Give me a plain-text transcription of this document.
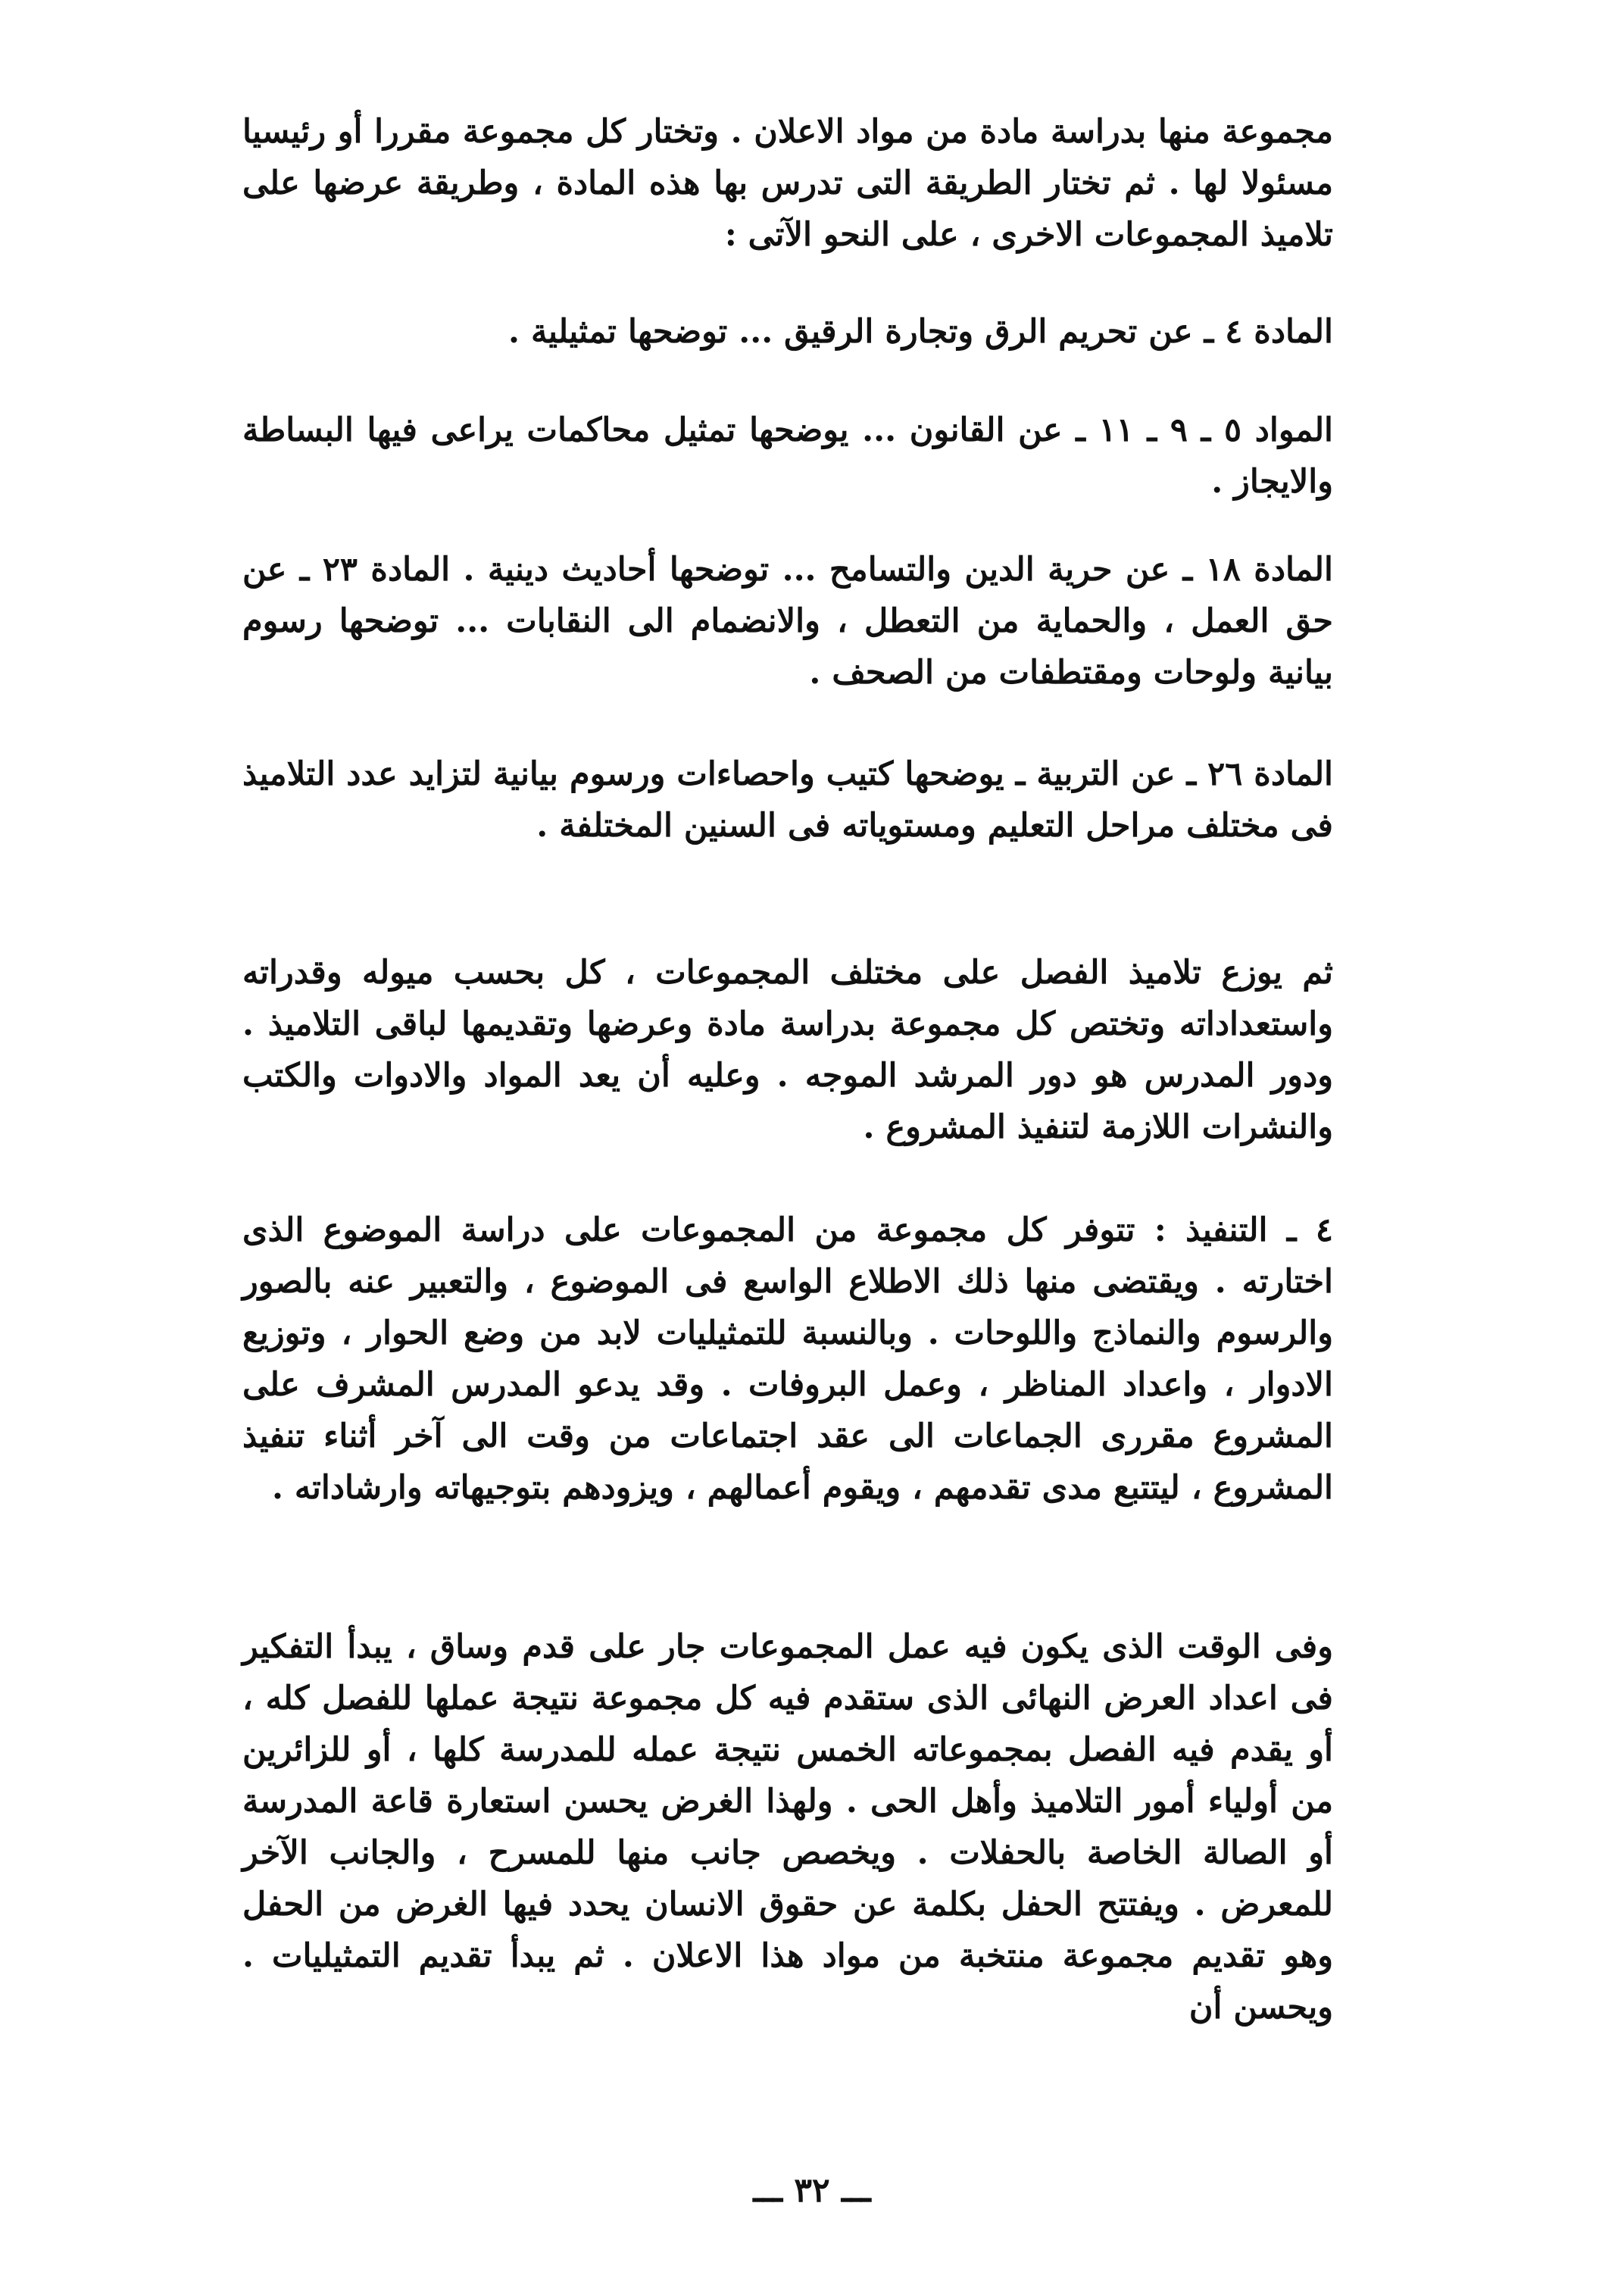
مجموعة منها بدراسة مادة من مواد الاعلان . وتختار كل مجموعة مقررا أو رئيسيا مسئولا لها . ثم تختار الطريقة التى تدرس بها هذه المادة ، وطريقة عرضها على تلاميذ المجموعات الاخرى ، على النحو الآتى :

المادة ٤ ـ عن تحريم الرق وتجارة الرقيق ... توضحها تمثيلية .

المواد ٥ ـ ٩ ـ ١١ ـ عن القانون ... يوضحها تمثيل محاكمات يراعى فيها البساطة والايجاز .

المادة ١٨ ـ عن حرية الدين والتسامح ... توضحها أحاديث دينية . المادة ٢٣ ـ عن حق العمل ، والحماية من التعطل ، والانضمام الى النقابات ... توضحها رسوم بيانية ولوحات ومقتطفات من الصحف .

المادة ٢٦ ـ عن التربية ـ يوضحها كتيب واحصاءات ورسوم بيانية لتزايد عدد التلاميذ فى مختلف مراحل التعليم ومستوياته فى السنين المختلفة .

ثم يوزع تلاميذ الفصل على مختلف المجموعات ، كل بحسب ميوله وقدراته واستعداداته وتختص كل مجموعة بدراسة مادة وعرضها وتقديمها لباقى التلاميذ . ودور المدرس هو دور المرشد الموجه . وعليه أن يعد المواد والادوات والكتب والنشرات اللازمة لتنفيذ المشروع .

٤ ـ التنفيذ : تتوفر كل مجموعة من المجموعات على دراسة الموضوع الذى اختارته . ويقتضى منها ذلك الاطلاع الواسع فى الموضوع ، والتعبير عنه بالصور والرسوم والنماذج واللوحات . وبالنسبة للتمثيليات لابد من وضع الحوار ، وتوزيع الادوار ، واعداد المناظر ، وعمل البروفات . وقد يدعو المدرس المشرف على المشروع مقررى الجماعات الى عقد اجتماعات من وقت الى آخر أثناء تنفيذ المشروع ، ليتتبع مدى تقدمهم ، ويقوم أعمالهم ، ويزودهم بتوجيهاته وارشاداته .

وفى الوقت الذى يكون فيه عمل المجموعات جار على قدم وساق ، يبدأ التفكير فى اعداد العرض النهائى الذى ستقدم فيه كل مجموعة نتيجة عملها للفصل كله ، أو يقدم فيه الفصل بمجموعاته الخمس نتيجة عمله للمدرسة كلها ، أو للزائرين من أولياء أمور التلاميذ وأهل الحى . ولهذا الغرض يحسن استعارة قاعة المدرسة أو الصالة الخاصة بالحفلات . ويخصص جانب منها للمسرح ، والجانب الآخر للمعرض . ويفتتح الحفل بكلمة عن حقوق الانسان يحدد فيها الغرض من الحفل وهو تقديم مجموعة منتخبة من مواد هذا الاعلان . ثم يبدأ تقديم التمثيليات . ويحسن أن

ـــ ٣٢ ـــ
